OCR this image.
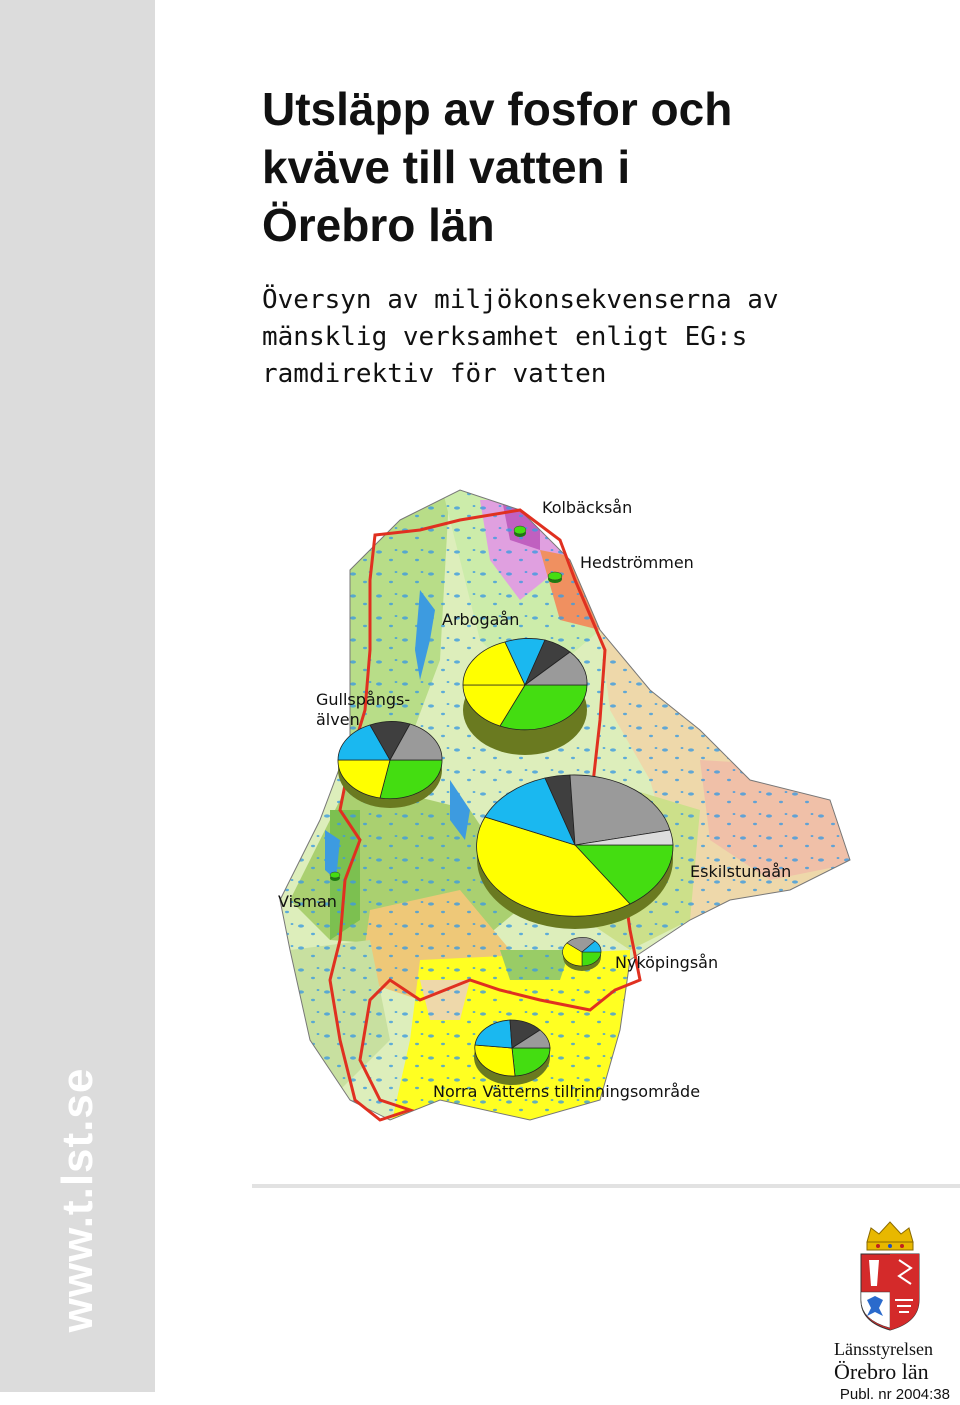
www.t.lst.se
Utsläpp av fosfor och
kväve till vatten i
Örebro län
Översyn av miljökonsekvenserna av
mänsklig verksamhet enligt EG:s
ramdirektiv för vatten
Kolbäcksån
Hedströmmen
Arbogaån
Gullspångs-
älven
Visman
Eskilstunaån
Nyköpingsån
Norra Vätterns tillrinningsområde
Länsstyrelsen
Örebro län
Publ. nr 2004:38
